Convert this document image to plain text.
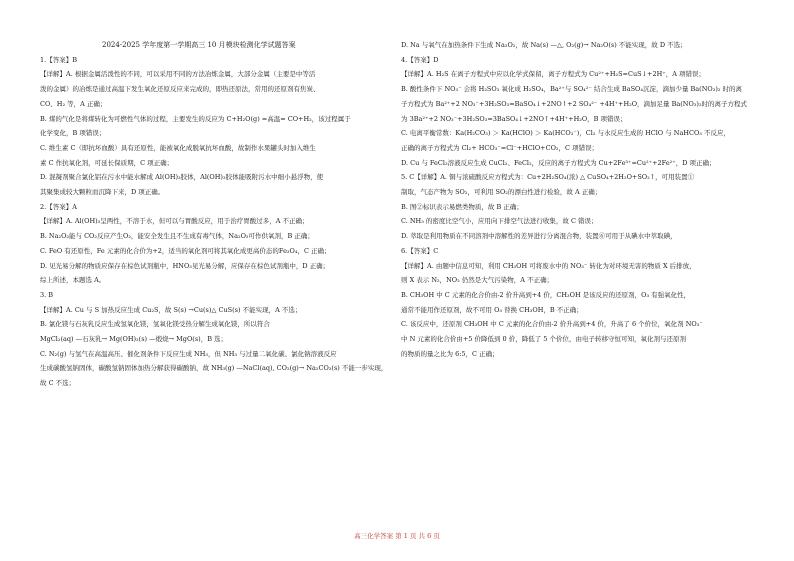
2024-2025 学年度第一学期高三 10 月模块检测化学试题答案

1.【答案】B

【详解】A. 根据金属活泼性的不同，可以采用不同的方法冶炼金属，大部分金属（主要是中等活

泼的金属）的冶炼是通过高温下发生氧化还原反应来完成的，即热还原法，常用的还原剂有焦炭、

CO、H₂ 等，A 正确；

B. 煤的气化是将煤转化为可燃性气体的过程，主要发生的反应为 C+H₂O(g) =高温= CO+H₂，该过程属于

化学变化，B 项错误；

C. 维生素 C（即抗坏血酸）具有还原性，能被氧化成脱氧抗坏血酸，故制作水果罐头时加入维生

素 C 作抗氧化剂，可延长保质期，C 项正确；

D. 混凝剂聚合氯化铝在污水中能水解成 Al(OH)₃胶体，Al(OH)₃胶体能吸附污水中细小悬浮物，使

其聚集成较大颗粒而沉降下来，D 项正确。

2.【答案】A

【详解】A. Al(OH)₃呈两性，不溶于水，但可以与胃酸反应，用于治疗胃酸过多，A 不正确；

B. Na₂O₂能与 CO₂反应产生O₂，能安全发生且不生成有毒气体，Na₂O₂可作供氧剂，B 正确；

C. FeO 有还原性，Fe 元素的化合价为+2，适当的氧化剂可将其氧化成更高价态的Fe₃O₄，C 正确；

D. 见光易分解的物质应保存在棕色试剂瓶中，HNO₃见光易分解，应保存在棕色试剂瓶中，D 正确；

综上所述，本题选 A。

3. B

【详解】A. Cu 与 S 加热反应生成 Cu₂S，故 S(s) →Cu(s)△ CuS(s) 不能实现，A 不选；

B. 氯化镁与石灰乳反应生成氢氧化镁，氢氧化镁受热分解生成氧化镁，所以符合

MgCl₂(aq) —石灰乳→ Mg(OH)₂(s) —煅烧→ MgO(s)，B 选；

C. N₂(g) 与氢气在高温高压、催化剂条件下反应生成 NH₃，但 NH₃ 与过量二氧化碳、氯化钠溶液反应

生成碳酸氢钠固体，碳酸氢钠固体加热分解获得碳酸钠，故 NH₃(g) —NaCl(aq), CO₂(g)→ Na₂CO₃(s) 不能一步实现，

故 C 不选；

D. Na 与氧气在加热条件下生成 Na₂O₂，故 Na(s) —△, O₂(g)→ Na₂O(s) 不能实现，故 D 不选；

4.【答案】D

【详解】A. H₂S 在离子方程式中应以化学式保留，离子方程式为 Cu²⁺+H₂S=CuS↓+2H⁺，A 项错误；

B. 酸性条件下 NO₃⁻ 会将 H₂SO₃ 氧化成 H₂SO₄，Ba²⁺与 SO₄²⁻ 结合生成 BaSO₄沉淀，滴加少量 Ba(NO₃)₂ 时的离

子方程式为 Ba²⁺+2 NO₃⁻+3H₂SO₃=BaSO₄↓+2NO↑+2 SO₄²⁻ +4H⁺+H₂O，滴加足量 Ba(NO₃)₂时的离子方程式

为 3Ba²⁺+2 NO₃⁻+3H₂SO₃=3BaSO₄↓+2NO↑+4H⁺+H₂O，B 项错误；

C. 电离平衡常数：Ka(H₂CO₃) ＞ Ka(HClO) ＞ Ka(HCO₃⁻)，Cl₂ 与水反应生成的 HClO 与 NaHCO₃ 不反应，

正确的离子方程式为 Cl₂+ HCO₃⁻=Cl⁻+HClO+CO₂，C 项错误；

D. Cu 与 FeCl₃溶液反应生成 CuCl₂、FeCl₂，反应的离子方程式为 Cu+2Fe³⁺=Cu²⁺+2Fe²⁺，D 项正确；

5. C【详解】A. 铜与浓硫酸反应方程式为：Cu+2H₂SO₄(浓) △ CuSO₄+2H₂O+SO₂↑，可用装置①

制取，气态产物为 SO₂，可利用 SO₂的漂白性进行检验，故 A 正确；

B. 图②标识表示易燃类物质，故 B 正确；

C. NH₃ 的密度比空气小，应用向下排空气法进行收集，故 C 错误；

D. 萃取是利用物质在不同溶剂中溶解性的差异进行分离混合物，装置⑥可用于从碘水中萃取碘，

6.【答案】C

【详解】A. 由题中信息可知，利用 CH₃OH 可将废水中的 NO₃⁻ 转化为对环境无害的物质 X 后排放，

则 X 表示 N₂，NO₂ 仍然是大气污染物，A 不正确；

B. CH₃OH 中 C 元素的化合价由-2 价升高到+4 价，CH₃OH 是该反应的还原剂，O₃ 有强氧化性，

通常不能用作还原剂，故不可用 O₃ 替换 CH₃OH，B 不正确；

C. 该反应中，还原剂 CH₃OH 中 C 元素的化合价由-2 价升高到+4 价，升高了 6 个价位，氧化剂 NO₃⁻

中 N 元素的化合价由+5 价降低到 0 价，降低了 5 个价位，由电子转移守恒可知，氧化剂与还原剂

的物质的量之比为 6:5，C 正确；

高三化学答案 第 1 页 共 6 页
